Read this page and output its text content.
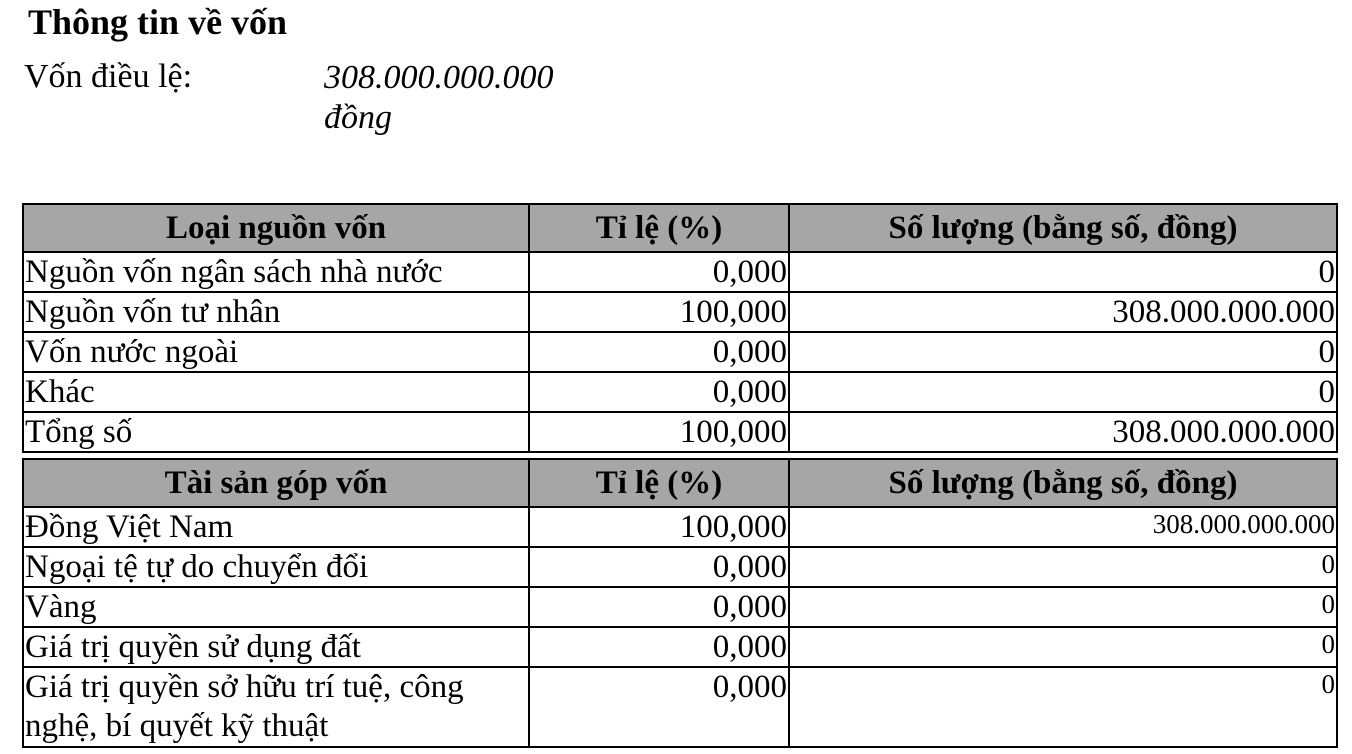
Thông tin về vốn
Vốn điều lệ:	308.000.000.000
đồng
Loại nguồn vốn	Tỉ lệ (%)	Số lượng (bằng số, đồng)
Nguồn vốn ngân sách nhà nước	0,000	0
Nguồn vốn tư nhân	100,000	308.000.000.000
Vốn nước ngoài	0,000	0
Khác	0,000	0
Tổng số	100,000	308.000.000.000
Tài sản góp vốn	Tỉ lệ (%)	Số lượng (bằng số, đồng)
Đồng Việt Nam	100,000	308.000.000.000
Ngoại tệ tự do chuyển đổi	0,000	0
Vàng	0,000	0
Giá trị quyền sử dụng đất	0,000	0
Giá trị quyền sở hữu trí tuệ, công nghệ, bí quyết kỹ thuật	0,000	0
